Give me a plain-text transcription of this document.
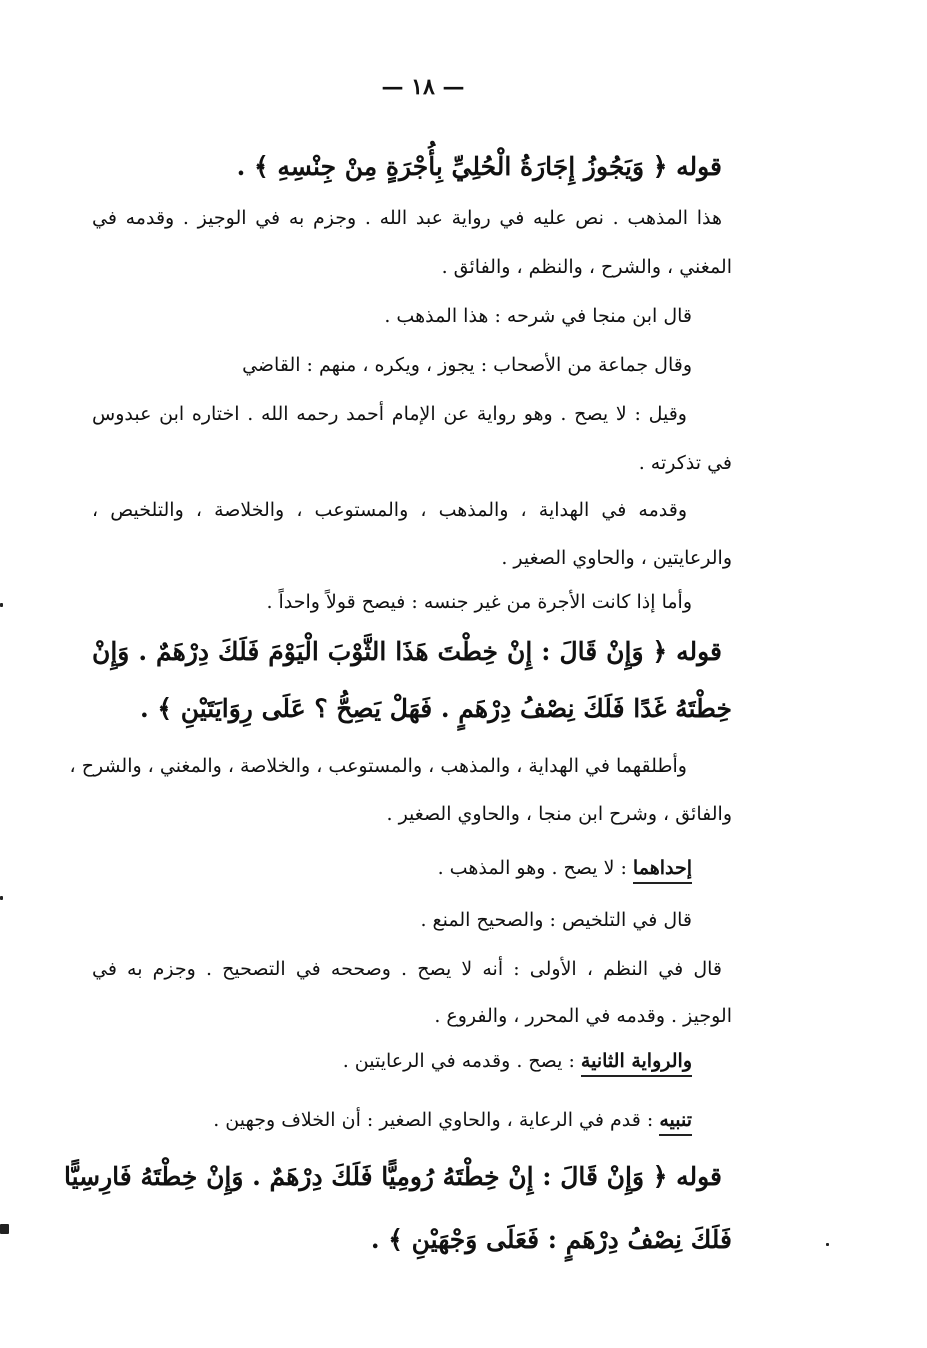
— ١٨ —
قوله ﴿ وَيَجُوزُ إِجَارَةُ الْحُلِيِّ بِأُجْرَةٍ مِنْ جِنْسِهِ ﴾ .
هذا المذهب . نص عليه في رواية عبد الله . وجزم به في الوجيز . وقدمه في
المغني ، والشرح ، والنظم ، والفائق .
قال ابن منجا في شرحه : هذا المذهب .
وقال جماعة من الأصحاب : يجوز ، ويكره ، منهم : القاضي
وقيل : لا يصح . وهو رواية عن الإمام أحمد رحمه الله . اختاره ابن عبدوس
في تذكرته .
وقدمه في الهداية ، والمذهب ، والمستوعب ، والخلاصة ، والتلخيص ،
والرعايتين ، والحاوي الصغير .
وأما إذا كانت الأجرة من غير جنسه : فيصح قولاً واحداً .
قوله ﴿ وَإِنْ قَالَ : إِنْ خِطْتَ هَذَا الثَّوْبَ الْيَوْمَ فَلَكَ دِرْهَمٌ . وَإِنْ
خِطْتَهُ غَدًا فَلَكَ نِصْفُ دِرْهَمٍ . فَهَلْ يَصِحُّ ؟ عَلَى رِوَايَتَيْنِ ﴾ .
وأطلقهما في الهداية ، والمذهب ، والمستوعب ، والخلاصة ، والمغني ، والشرح ،
والفائق ، وشرح ابن منجا ، والحاوي الصغير .
إحداهما : لا يصح . وهو المذهب .
قال في التلخيص : والصحيح المنع .
قال في النظم ، الأولى : أنه لا يصح . وصححه في التصحيح . وجزم به في
الوجيز . وقدمه في المحرر ، والفروع .
والرواية الثانية : يصح . وقدمه في الرعايتين .
تنبيه : قدم في الرعاية ، والحاوي الصغير : أن الخلاف وجهين .
قوله ﴿ وَإِنْ قَالَ : إِنْ خِطْتَهُ رُومِيًّا فَلَكَ دِرْهَمٌ . وَإِنْ خِطْتَهُ فَارِسِيًّا
فَلَكَ نِصْفُ دِرْهَمٍ : فَعَلَى وَجْهَيْنِ ﴾ .
